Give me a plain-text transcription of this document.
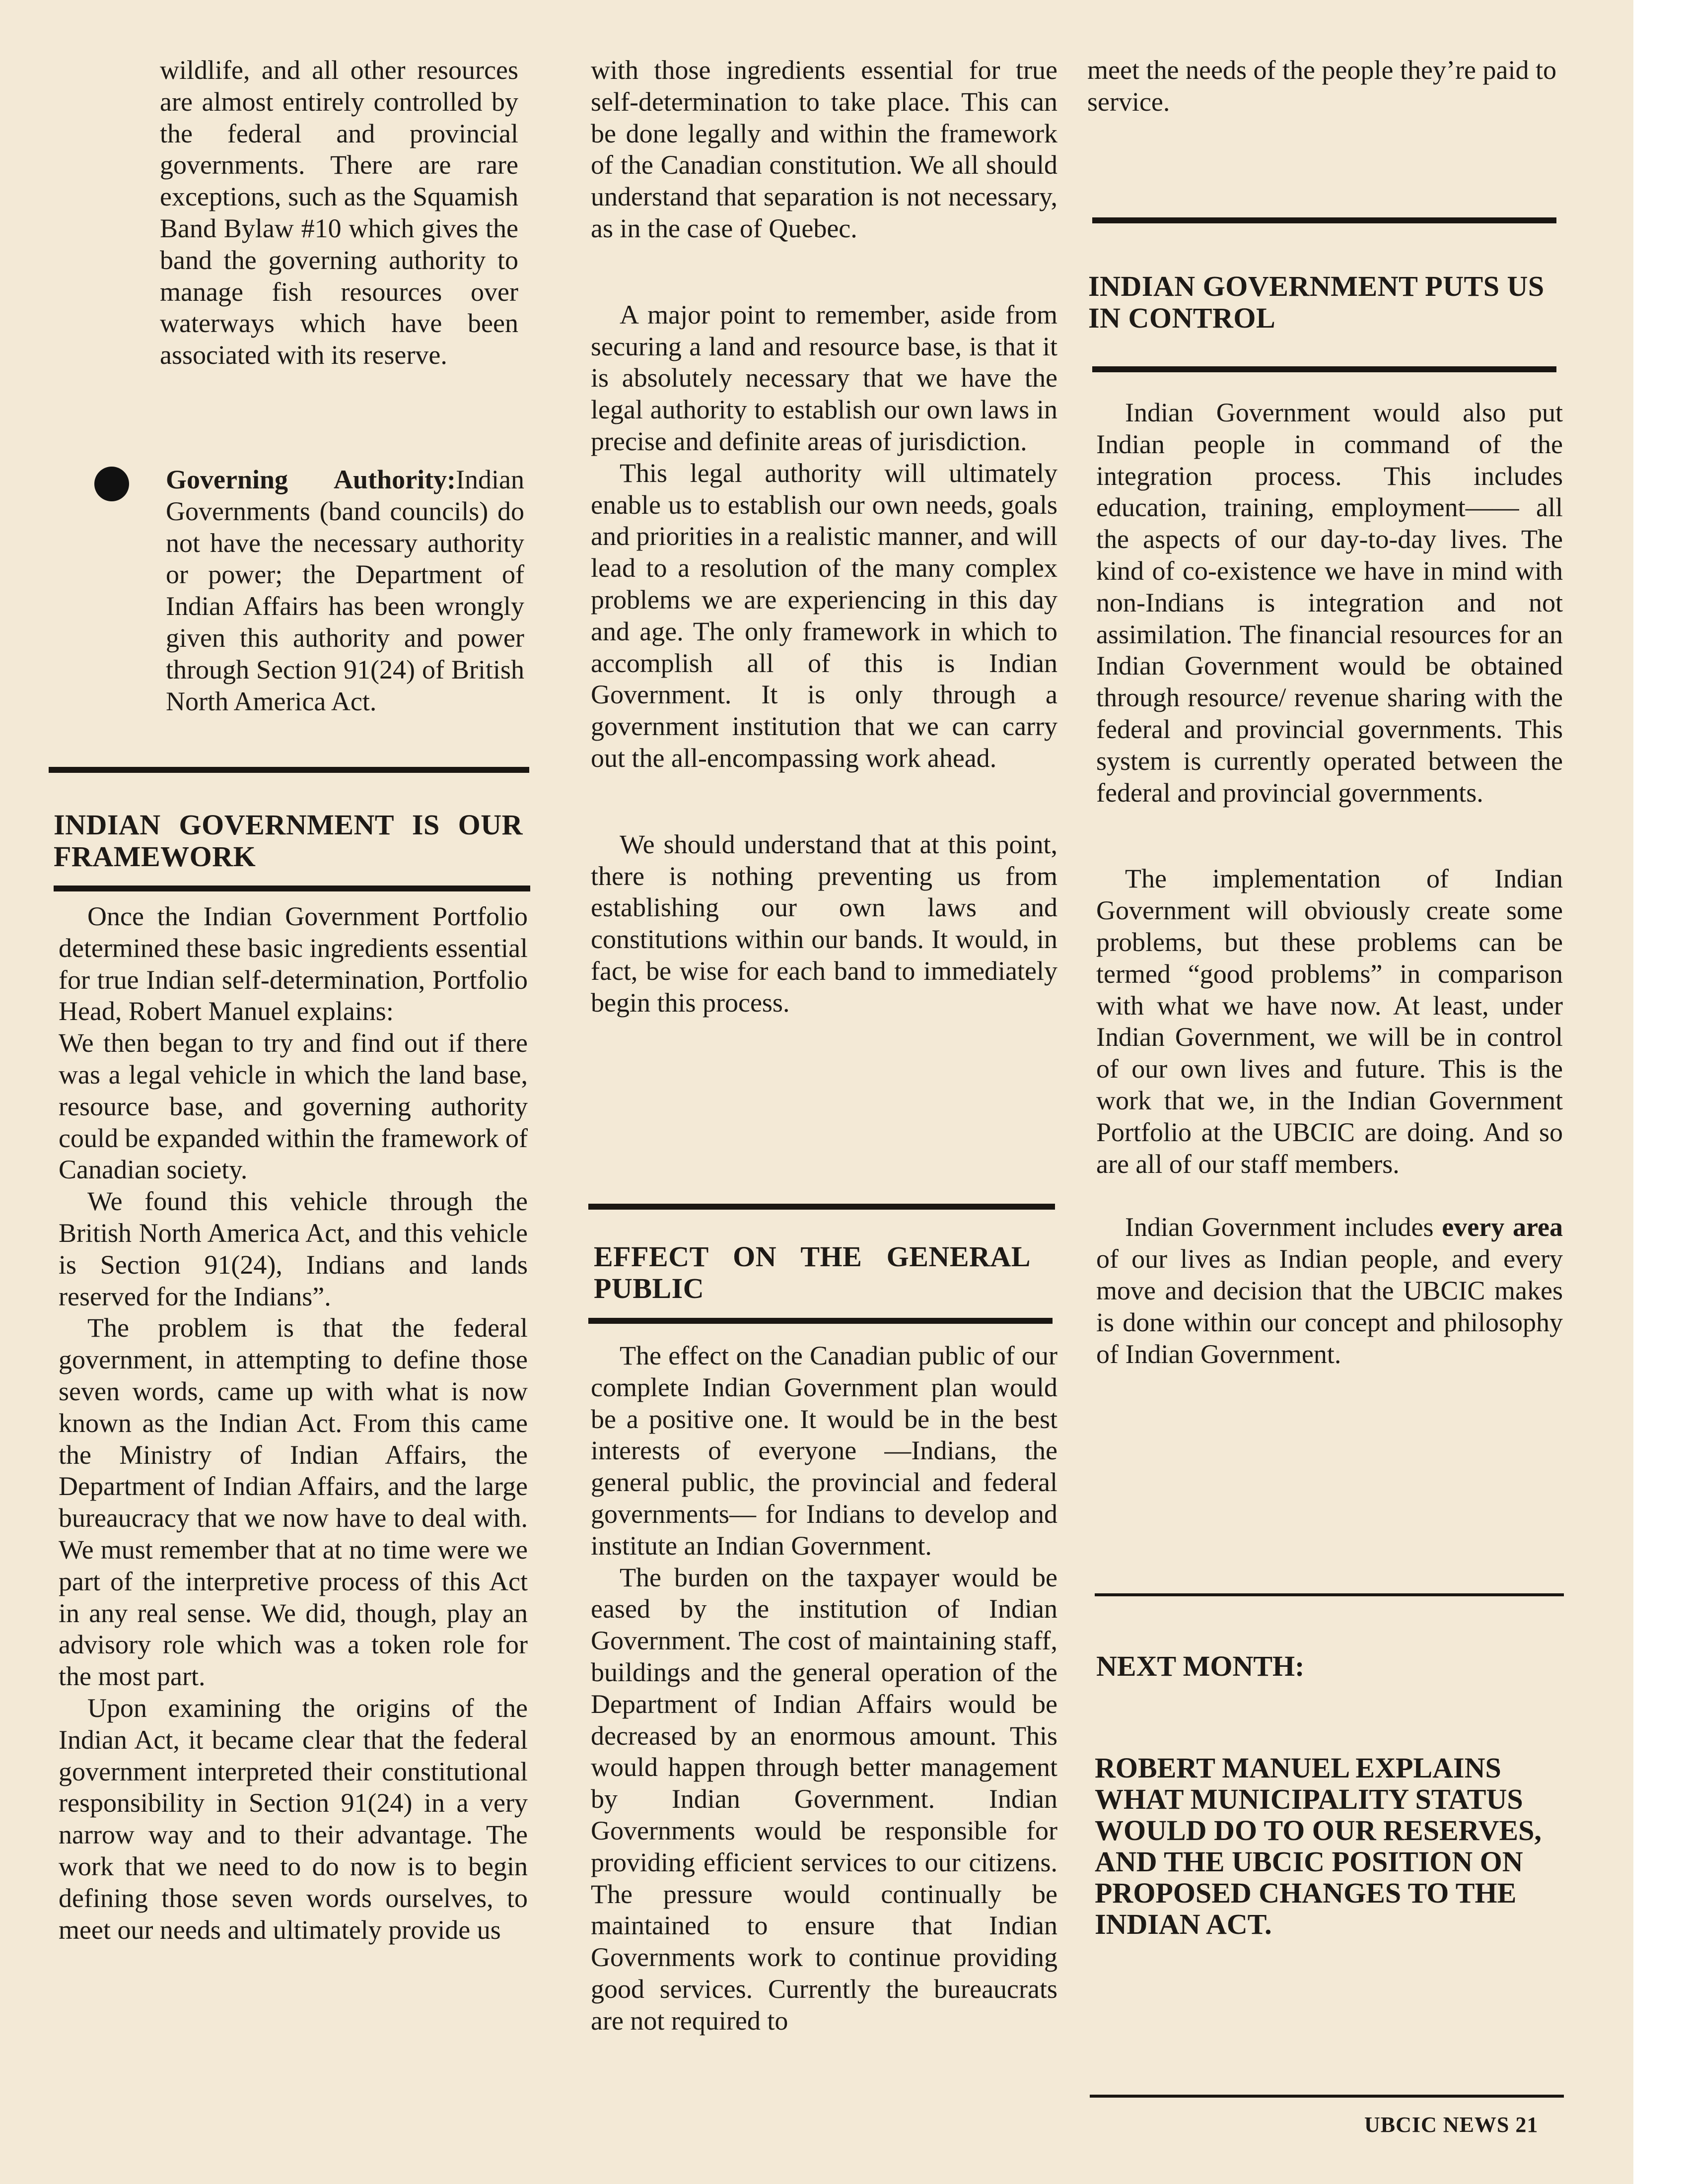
wildlife, and all other resources are almost entirely controlled by the federal and provincial governments. There are rare exceptions, such as the Squamish Band Bylaw #10 which gives the band the governing authority to manage fish resources over waterways which have been associated with its reserve.

Governing Authority:Indian Governments (band councils) do not have the necessary authority or power; the Department of Indian Affairs has been wrongly given this authority and power through Section 91(24) of British North America Act.

INDIAN GOVERNMENT IS OUR FRAMEWORK

Once the Indian Government Portfolio determined these basic ingredients essential for true Indian self-determination, Portfolio Head, Robert Manuel explains:

We then began to try and find out if there was a legal vehicle in which the land base, resource base, and governing authority could be expanded within the framework of Canadian society.

We found this vehicle through the British North America Act, and this vehicle is Section 91(24), Indians and lands reserved for the Indians”.

The problem is that the federal government, in attempting to define those seven words, came up with what is now known as the Indian Act. From this came the Ministry of Indian Affairs, the Department of Indian Affairs, and the large bureaucracy that we now have to deal with. We must remember that at no time were we part of the interpretive process of this Act in any real sense. We did, though, play an advisory role which was a token role for the most part.

Upon examining the origins of the Indian Act, it became clear that the federal government interpreted their constitutional responsibility in Section 91(24) in a very narrow way and to their advantage. The work that we need to do now is to begin defining those seven words ourselves, to meet our needs and ultimately provide us

with those ingredients essential for true self-determination to take place. This can be done legally and within the framework of the Canadian constitution. We all should understand that separation is not necessary, as in the case of Quebec.

A major point to remember, aside from securing a land and resource base, is that it is absolutely necessary that we have the legal authority to establish our own laws in precise and definite areas of jurisdiction.

This legal authority will ultimately enable us to establish our own needs, goals and priorities in a realistic manner, and will lead to a resolution of the many complex problems we are experiencing in this day and age. The only framework in which to accomplish all of this is Indian Government. It is only through a government institution that we can carry out the all-encompassing work ahead.

We should understand that at this point, there is nothing preventing us from establishing our own laws and constitutions within our bands. It would, in fact, be wise for each band to immediately begin this process.

EFFECT ON THE GENERAL PUBLIC

The effect on the Canadian public of our complete Indian Government plan would be a positive one. It would be in the best interests of everyone —Indians, the general public, the provincial and federal governments— for Indians to develop and institute an Indian Government.

The burden on the taxpayer would be eased by the institution of Indian Government. The cost of maintaining staff, buildings and the general operation of the Department of Indian Affairs would be decreased by an enormous amount. This would happen through better management by Indian Government. Indian Governments would be responsible for providing efficient services to our citizens. The pressure would continually be maintained to ensure that Indian Governments work to continue providing good services. Currently the bureaucrats are not required to

meet the needs of the people they’re paid to service.

INDIAN GOVERNMENT PUTS US IN CONTROL

Indian Government would also put Indian people in command of the integration process. This includes education, training, employment—— all the aspects of our day-to-day lives. The kind of co-existence we have in mind with non-Indians is integration and not assimilation. The financial resources for an Indian Government would be obtained through resource/ revenue sharing with the federal and provincial governments. This system is currently operated between the federal and provincial governments.

The implementation of Indian Government will obviously create some problems, but these problems can be termed “good problems” in comparison with what we have now. At least, under Indian Government, we will be in control of our own lives and future. This is the work that we, in the Indian Government Portfolio at the UBCIC are doing. And so are all of our staff members.

Indian Government includes every area of our lives as Indian people, and every move and decision that the UBCIC makes is done within our concept and philosophy of Indian Government.

NEXT MONTH:
ROBERT MANUEL EXPLAINS WHAT MUNICIPALITY STATUS WOULD DO TO OUR RESERVES, AND THE UBCIC POSITION ON PROPOSED CHANGES TO THE INDIAN ACT.
UBCIC NEWS 21
